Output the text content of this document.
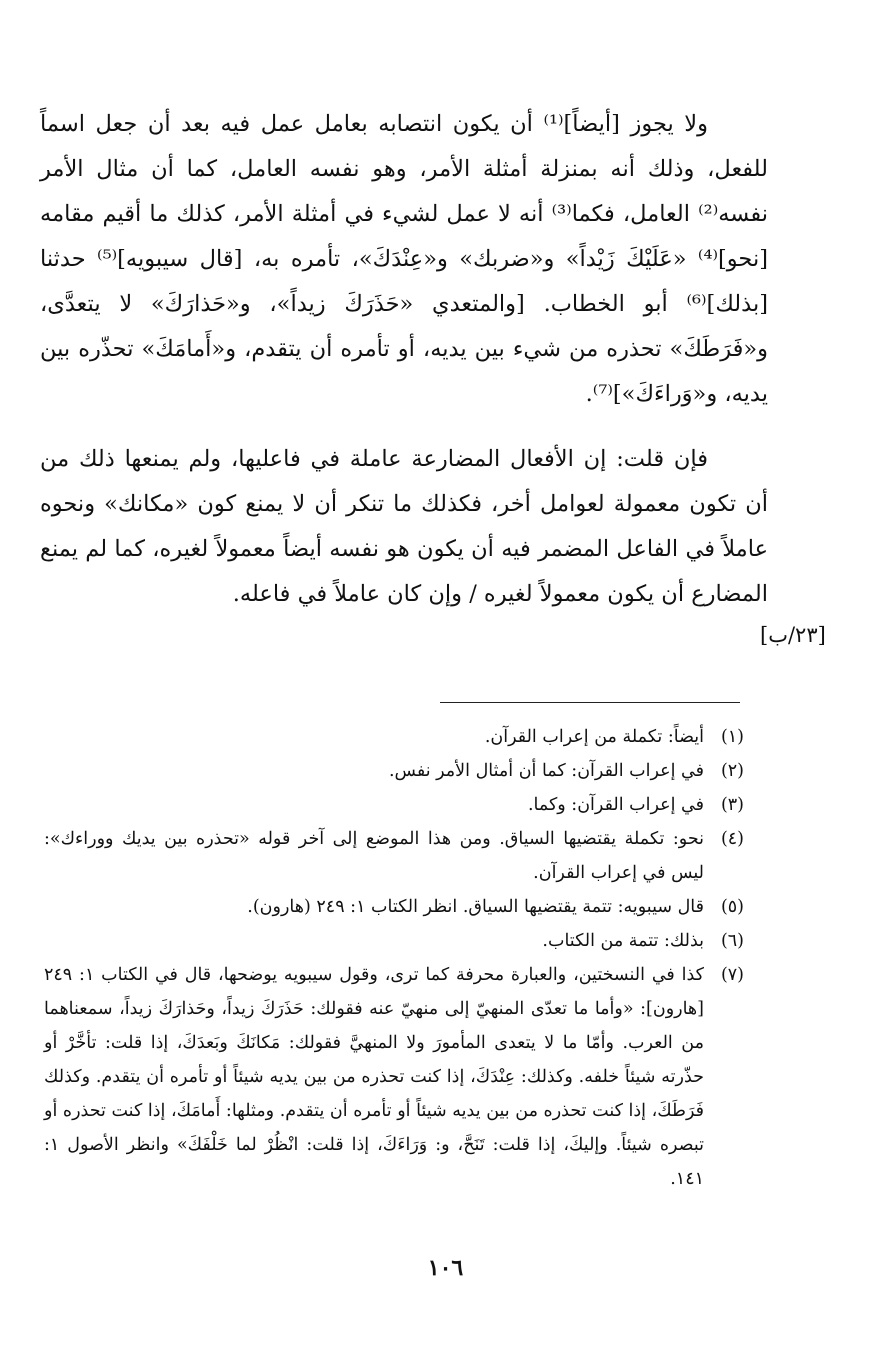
ولا يجوز [أيضاً]⁽¹⁾ أن يكون انتصابه بعامل عمل فيه بعد أن جعل اسماً للفعل، وذلك أنه بمنزلة أمثلة الأمر، وهو نفسه العامل، كما أن مثال الأمر نفسه⁽²⁾ العامل، فكما⁽³⁾ أنه لا عمل لشيء في أمثلة الأمر، كذلك ما أقيم مقامه [نحو]⁽⁴⁾ «عَلَيْكَ زَيْداً» و«ضربك» و«عِنْدَكَ»، تأمره به، [قال سيبويه]⁽⁵⁾ حدثنا [بذلك]⁽⁶⁾ أبو الخطاب. [والمتعدي «حَذَرَكَ زيداً»، و«حَذارَكَ» لا يتعدَّى، و«فَرَطَكَ» تحذره من شيء بين يديه، أو تأمره أن يتقدم، و«أَمامَكَ» تحذّره بين يديه، و«وَراءَكَ»]⁽⁷⁾.

فإن قلت: إن الأفعال المضارعة عاملة في فاعليها، ولم يمنعها ذلك من أن تكون معمولة لعوامل أخر، فكذلك ما تنكر أن لا يمنع كون «مكانك» ونحوه عاملاً في الفاعل المضمر فيه أن يكون هو نفسه أيضاً معمولاً لغيره، كما لم يمنع المضارع أن يكون معمولاً لغيره / وإن كان عاملاً في فاعله.

[٢٣/ب]
(١)
أيضاً: تكملة من إعراب القرآن.
(٢)
في إعراب القرآن: كما أن أمثال الأمر نفس.
(٣)
في إعراب القرآن: وكما.
(٤)
نحو: تكملة يقتضيها السياق. ومن هذا الموضع إلى آخر قوله «تحذره بين يديك ووراءك»: ليس في إعراب القرآن.
(٥)
قال سيبويه: تتمة يقتضيها السياق. انظر الكتاب ١: ٢٤٩ (هارون).
(٦)
بذلك: تتمة من الكتاب.
(٧)
كذا في النسختين، والعبارة محرفة كما ترى، وقول سيبويه يوضحها، قال في الكتاب ١: ٢٤٩ [هارون]: «وأما ما تعدّى المنهيّ إلى منهيّ عنه فقولك: حَذَرَكَ زيداً، وحَذارَكَ زيداً، سمعناهما من العرب. وأمّا ما لا يتعدى المأمورَ ولا المنهيَّ فقولك: مَكانَكَ وبَعدَكَ، إذا قلت: تأخَّرْ أو حذّرته شيئاً خلفه. وكذلك: عِنْدَكَ، إذا كنت تحذره من بين يديه شيئاً أو تأمره أن يتقدم. وكذلك فَرَطَكَ، إذا كنت تحذره من بين يديه شيئاً أو تأمره أن يتقدم. ومثلها: أَمامَكَ، إذا كنت تحذره أو تبصره شيئاً. وإليكَ، إذا قلت: تَنَحَّ، و: وَرَاءَكَ، إذا قلت: انْظُرْ لما خَلْفَكَ» وانظر الأصول ١: ١٤١.
١٠٦
